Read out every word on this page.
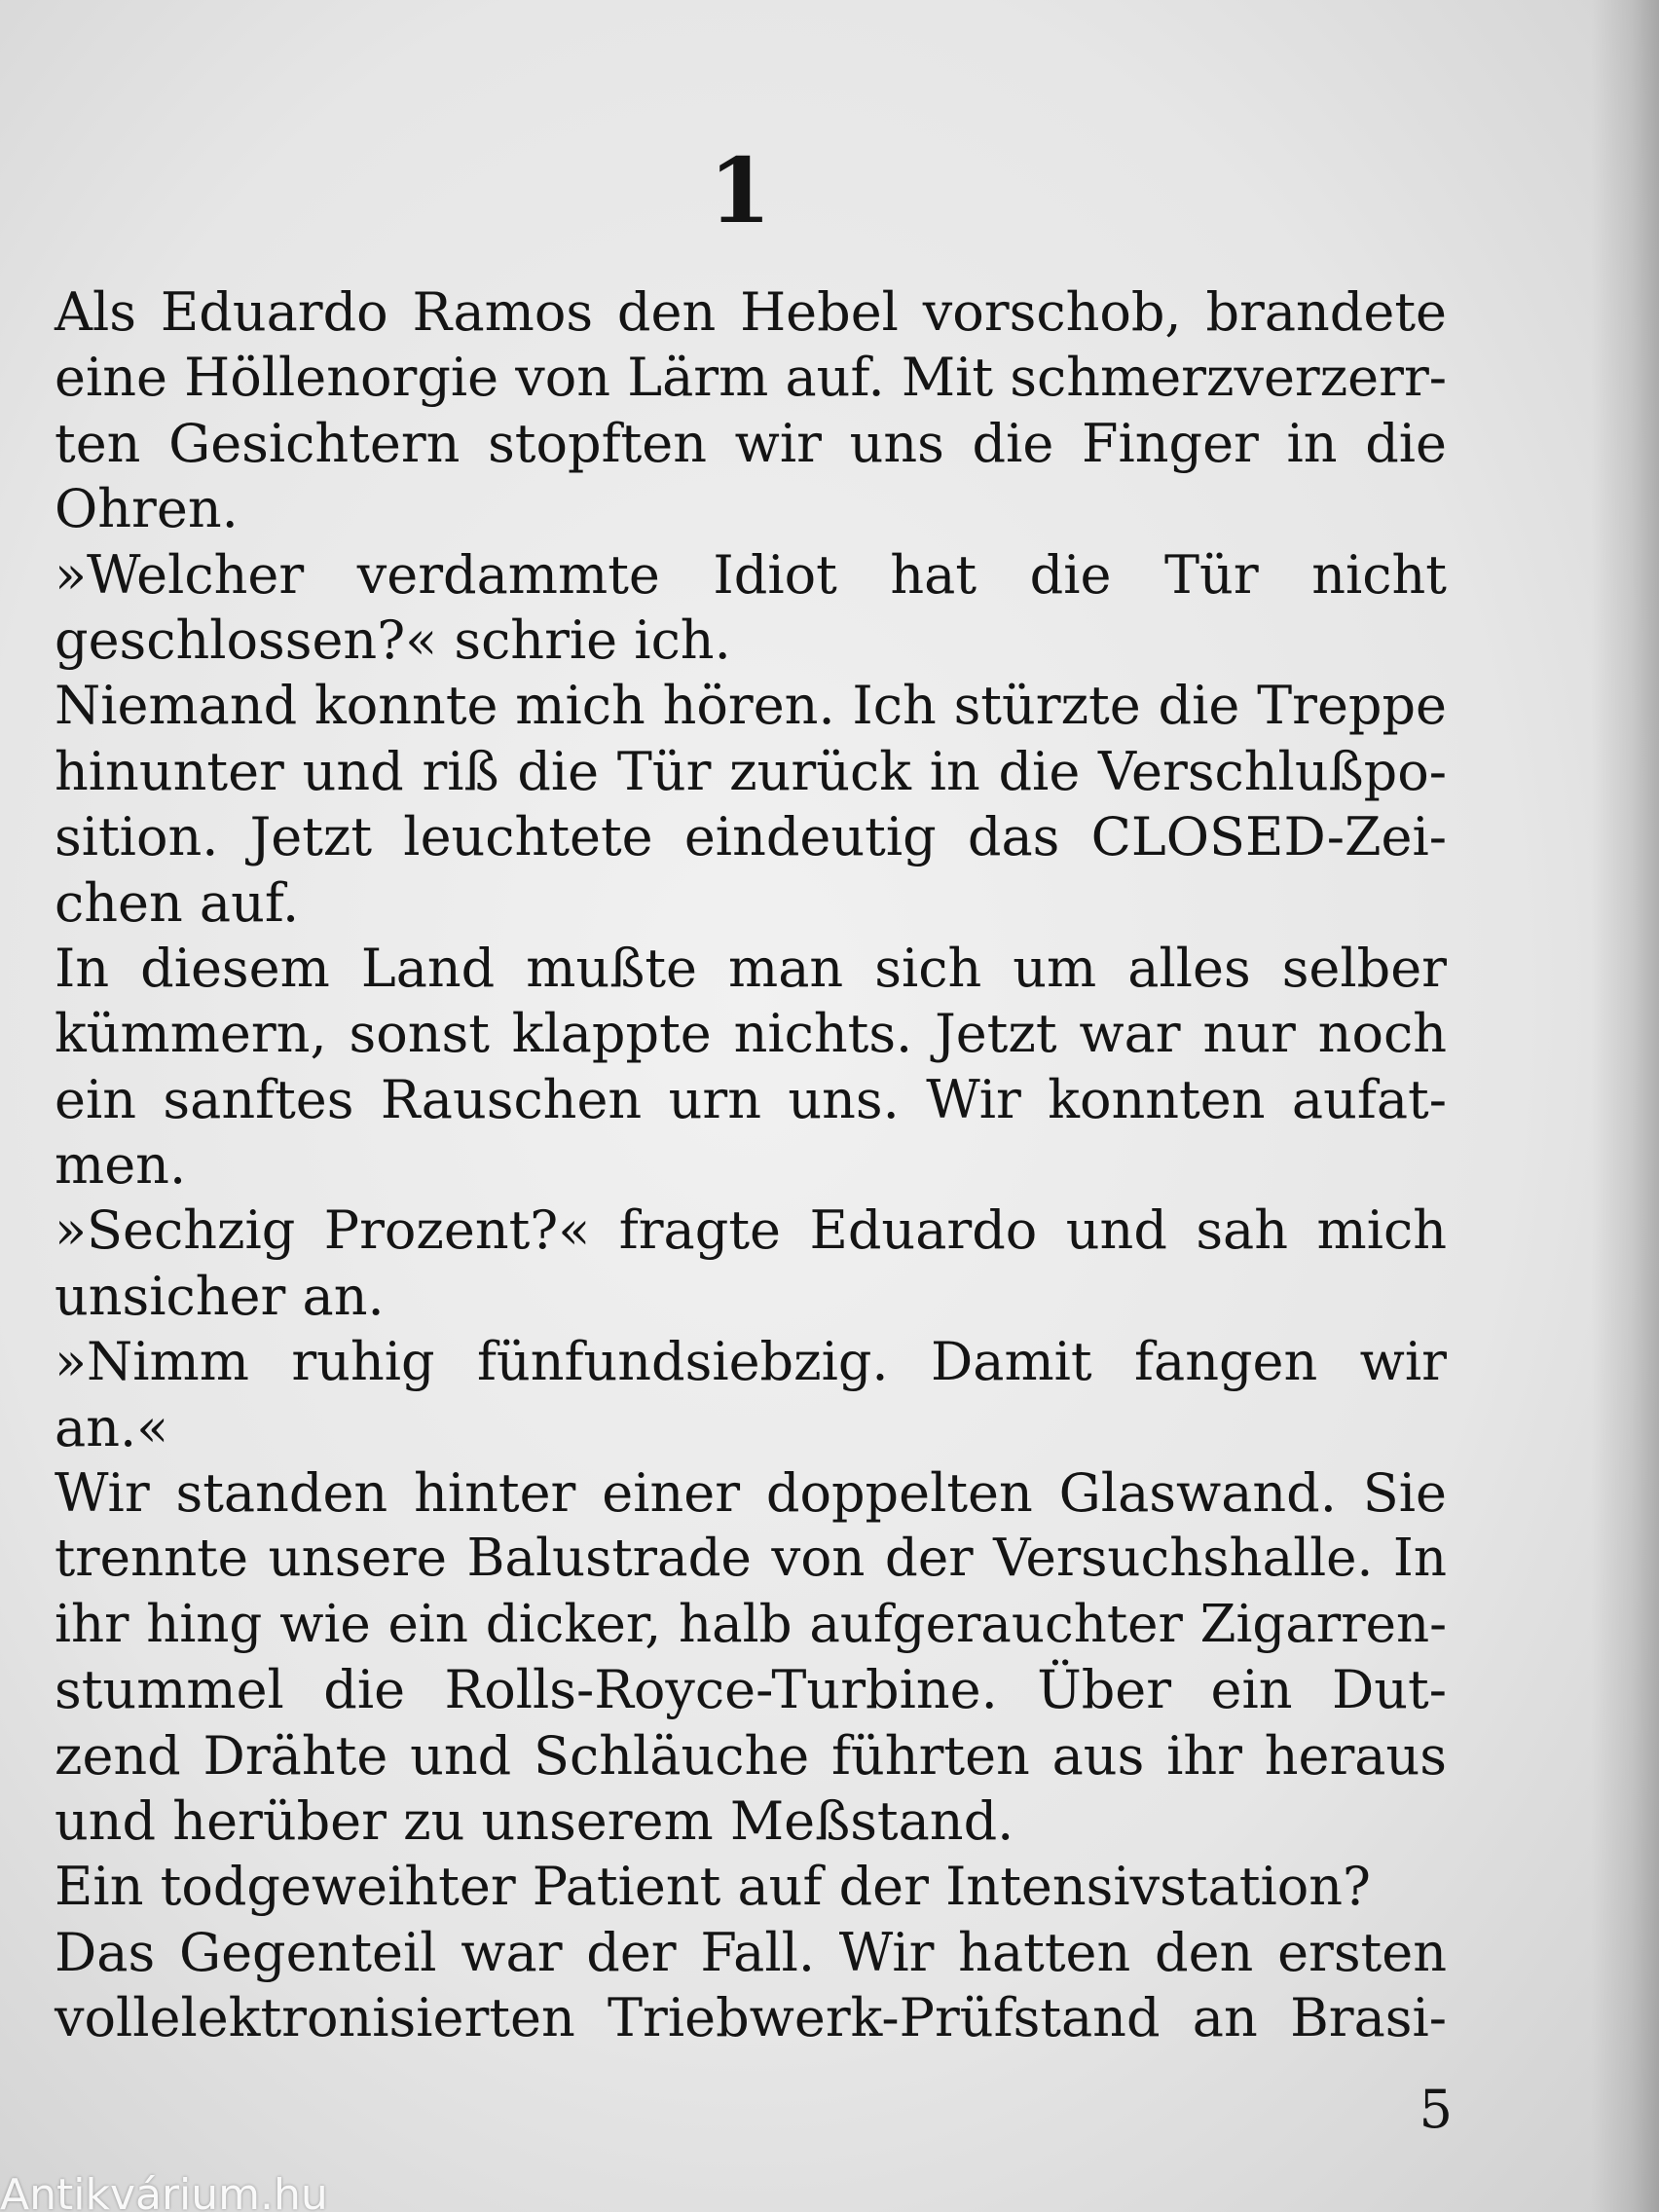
1
Als Eduardo Ramos den Hebel vorschob, brandete
eine Höllenorgie von Lärm auf. Mit schmerzverzerr-
ten Gesichtern stopften wir uns die Finger in die
Ohren.
»Welcher verdammte Idiot hat die Tür nicht
geschlossen?« schrie ich.
Niemand konnte mich hören. Ich stürzte die Treppe
hinunter und riß die Tür zurück in die Verschlußpo-
sition. Jetzt leuchtete eindeutig das CLOSED-Zei-
chen auf.
In diesem Land mußte man sich um alles selber
kümmern, sonst klappte nichts. Jetzt war nur noch
ein sanftes Rauschen urn uns. Wir konnten aufat-
men.
»Sechzig Prozent?« fragte Eduardo und sah mich
unsicher an.
»Nimm ruhig fünfundsiebzig. Damit fangen wir
an.«
Wir standen hinter einer doppelten Glaswand. Sie
trennte unsere Balustrade von der Versuchshalle. In
ihr hing wie ein dicker, halb aufgerauchter Zigarren-
stummel die Rolls-Royce-Turbine. Über ein Dut-
zend Drähte und Schläuche führten aus ihr heraus
und herüber zu unserem Meßstand.
Ein todgeweihter Patient auf der Intensivstation?
Das Gegenteil war der Fall. Wir hatten den ersten
vollelektronisierten Triebwerk-Prüfstand an Brasi-
5
Antikvárium.hu
